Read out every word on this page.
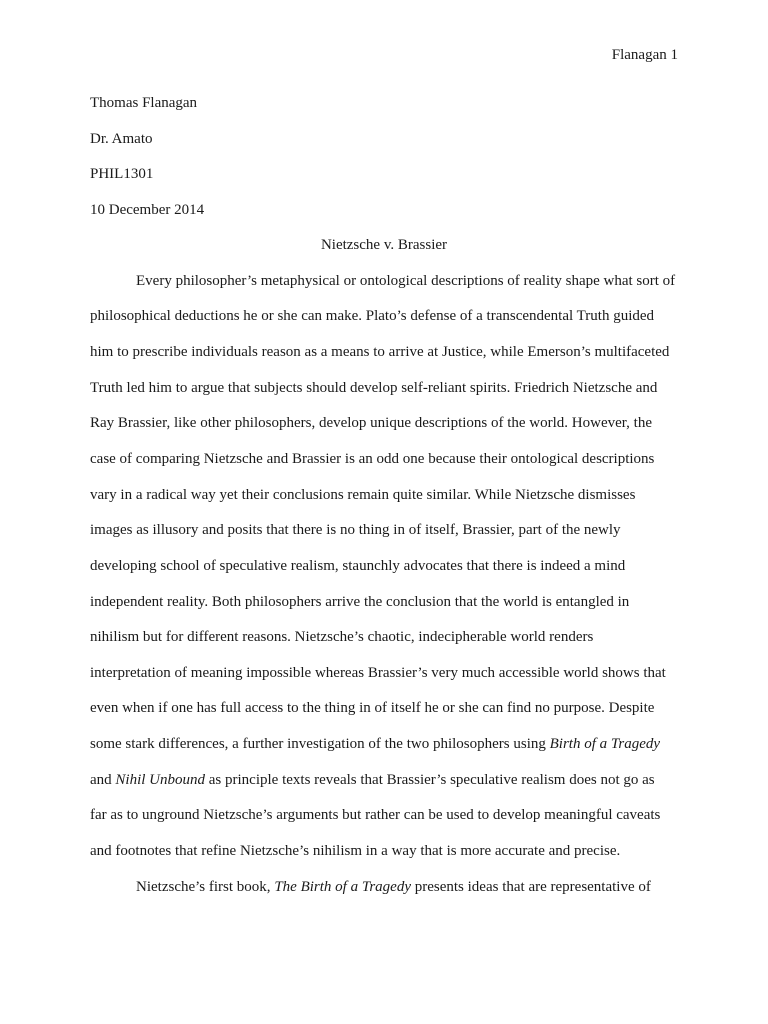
Flanagan 1
Thomas Flanagan
Dr. Amato
PHIL1301
10 December 2014
Nietzsche v. Brassier
Every philosopher’s metaphysical or ontological descriptions of reality shape what sort of
philosophical deductions he or she can make. Plato’s defense of a transcendental Truth guided
him to prescribe individuals reason as a means to arrive at Justice, while Emerson’s multifaceted
Truth led him to argue that subjects should develop self-reliant spirits. Friedrich Nietzsche and
Ray Brassier, like other philosophers, develop unique descriptions of the world. However, the
case of comparing Nietzsche and Brassier is an odd one because their ontological descriptions
vary in a radical way yet their conclusions remain quite similar. While Nietzsche dismisses
images as illusory and posits that there is no thing in of itself, Brassier, part of the newly
developing school of speculative realism, staunchly advocates that there is indeed a mind
independent reality. Both philosophers arrive the conclusion that the world is entangled in
nihilism but for different reasons. Nietzsche’s chaotic, indecipherable world renders
interpretation of meaning impossible whereas Brassier’s very much accessible world shows that
even when if one has full access to the thing in of itself he or she can find no purpose. Despite
some stark differences, a further investigation of the two philosophers using Birth of a Tragedy
and Nihil Unbound as principle texts reveals that Brassier’s speculative realism does not go as
far as to unground Nietzsche’s arguments but rather can be used to develop meaningful caveats
and footnotes that refine Nietzsche’s nihilism in a way that is more accurate and precise.
Nietzsche’s first book, The Birth of a Tragedy presents ideas that are representative of
